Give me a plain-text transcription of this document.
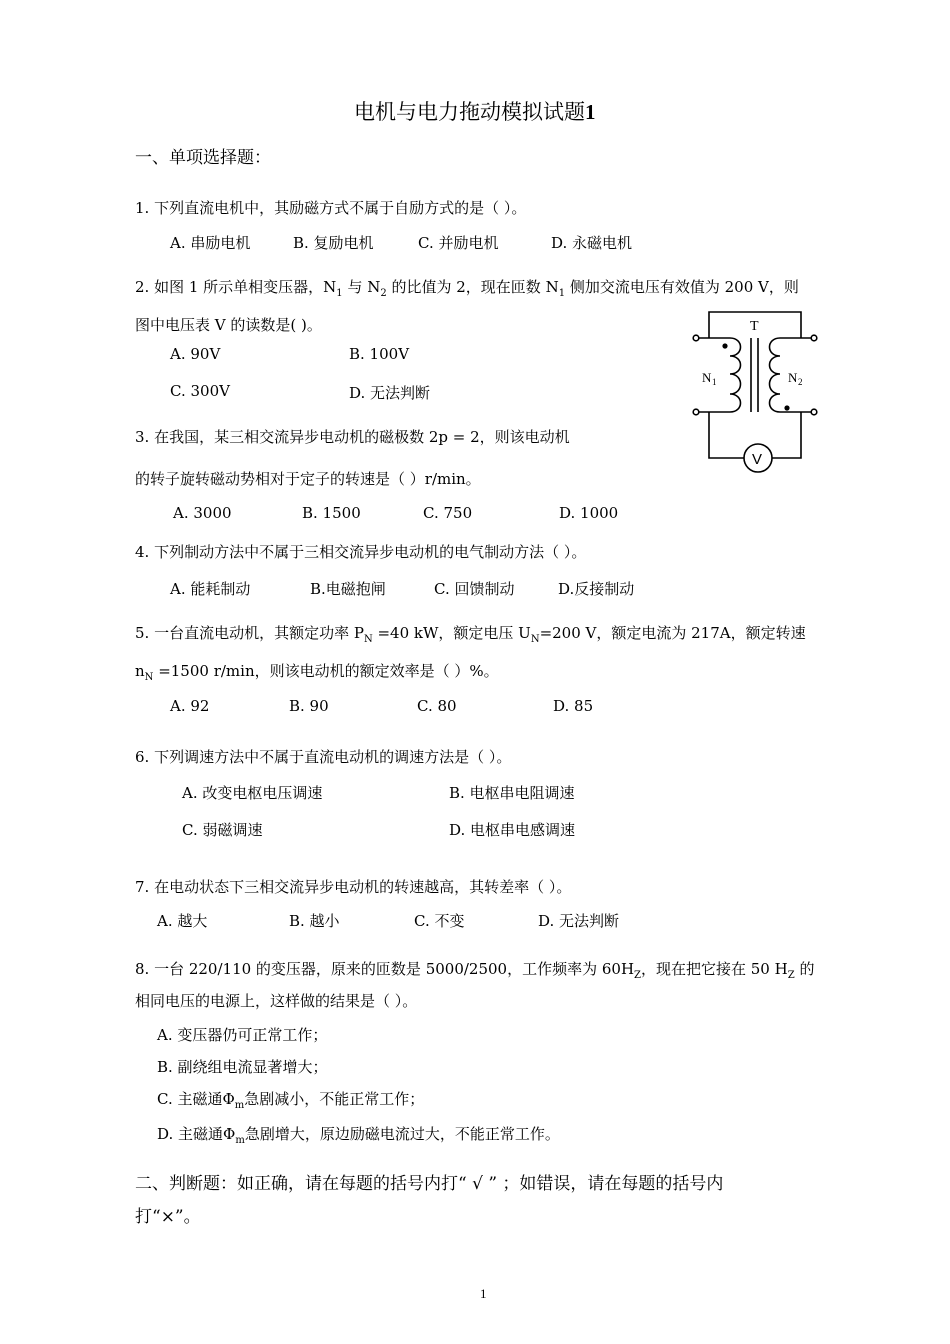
电机与电力拖动模拟试题1
一、单项选择题：
1. 下列直流电机中，其励磁方式不属于自励方式的是（ ）。
A. 串励电机	B. 复励电机	C. 并励电机	D. 永磁电机
2. 如图 1 所示单相变压器，$N_1$ 与 $N_2$ 的比值为 2，现在匝数 $N_1$ 侧加交流电压有效值为 200 V，则
图中电压表 V 的读数是( )。
A. 90V	B. 100V
C. 300V	D. 无法判断
T
N 1	N 2
V
3. 在我国，某三相交流异步电动机的磁极数 2p = 2，则该电动机
的转子旋转磁动势相对于定子的转速是（ ）r/min。
A. 3000	B. 1500	C. 750	D. 1000
4. 下列制动方法中不属于三相交流异步电动机的电气制动方法（ ）。
A. 能耗制动	B.电磁抱闸	C. 回馈制动	D.反接制动
5. 一台直流电动机，其额定功率 $P_N =40$ kW，额定电压 $U_N=200$ V，额定电流为 217A，额定转速
$n_N =1500$ r/min，则该电动机的额定效率是（ ）%。
A. 92	B. 90	C. 80	D. 85
6. 下列调速方法中不属于直流电动机的调速方法是（ ）。
A. 改变电枢电压调速	B. 电枢串电阻调速
C. 弱磁调速	D. 电枢串电感调速
7. 在电动状态下三相交流异步电动机的转速越高，其转差率（ ）。
A. 越大	B. 越小	C. 不变	D. 无法判断
8. 一台 220/110 的变压器，原来的匝数是 5000/2500，工作频率为 $60H_Z$，现在把它接在 50 $H_Z$ 的
相同电压的电源上，这样做的结果是（ ）。
A. 变压器仍可正常工作；
B. 副绕组电流显著增大；
C. 主磁通$\Phi_m$急剧减小，不能正常工作；
D. 主磁通$\Phi_m$急剧增大，原边励磁电流过大，不能正常工作。
二、判断题：如正确，请在每题的括号内打“ √ ” ；如错误，请在每题的括号内
打“×”。
1
